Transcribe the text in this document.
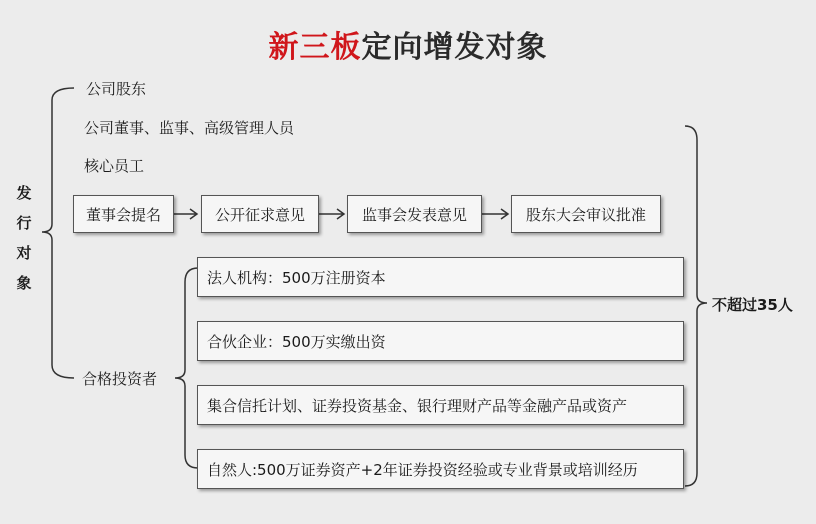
新三板定向增发对象
发
行
对
象
公司股东
公司董事、监事、高级管理人员
核心员工
董事会提名	公开征求意见	监事会发表意见	股东大会审议批准
合格投资者
法人机构：500万注册资本
合伙企业：500万实缴出资
集合信托计划、证券投资基金、银行理财产品等金融产品或资产
自然人:500万证券资产+2年证券投资经验或专业背景或培训经历
不超过35人
